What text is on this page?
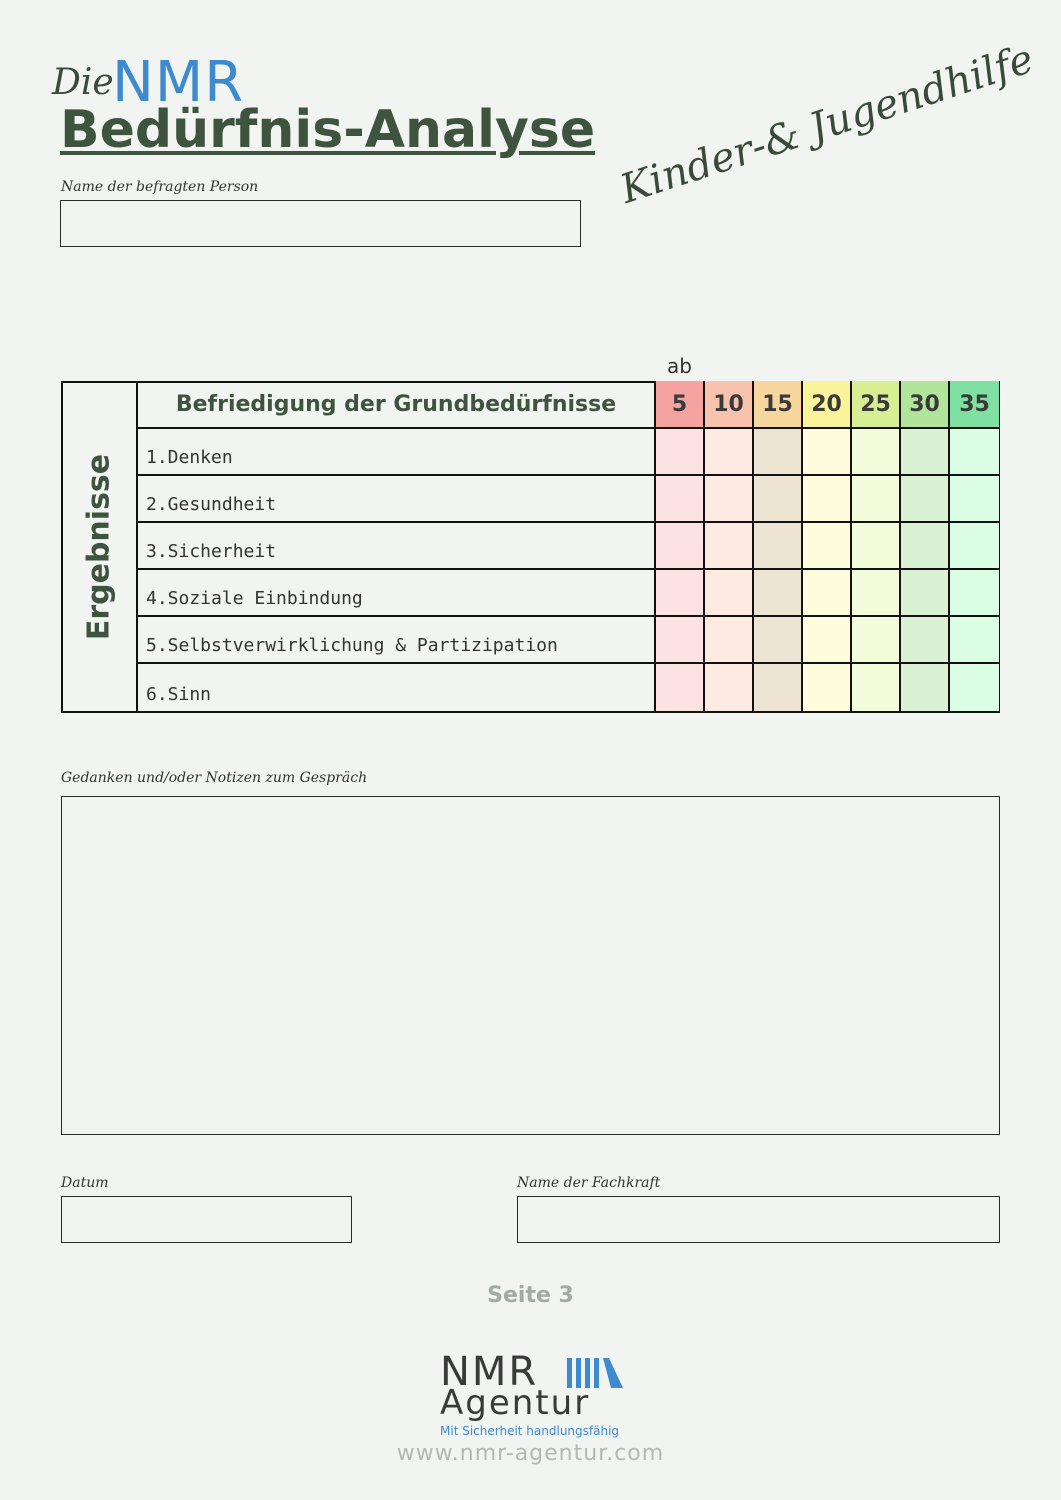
Die
NMR
Bedürfnis-Analyse Kinder-& Jugendhilfe
Name der befragten Person
ab
Ergebnisse
Befriedigung der Grundbedürfnisse	5	10 15 20 25 30 35
1.Denken
2.Gesundheit
3.Sicherheit
4.Soziale Einbindung
5.Selbstverwirklichung & Partizipation
6.Sinn
Gedanken und/oder Notizen zum Gespräch
Datum	Name der Fachkraft
Seite 3
NMR
Agentur
Mit Sicherheit handlungsfähig
www.nmr-agentur.com
